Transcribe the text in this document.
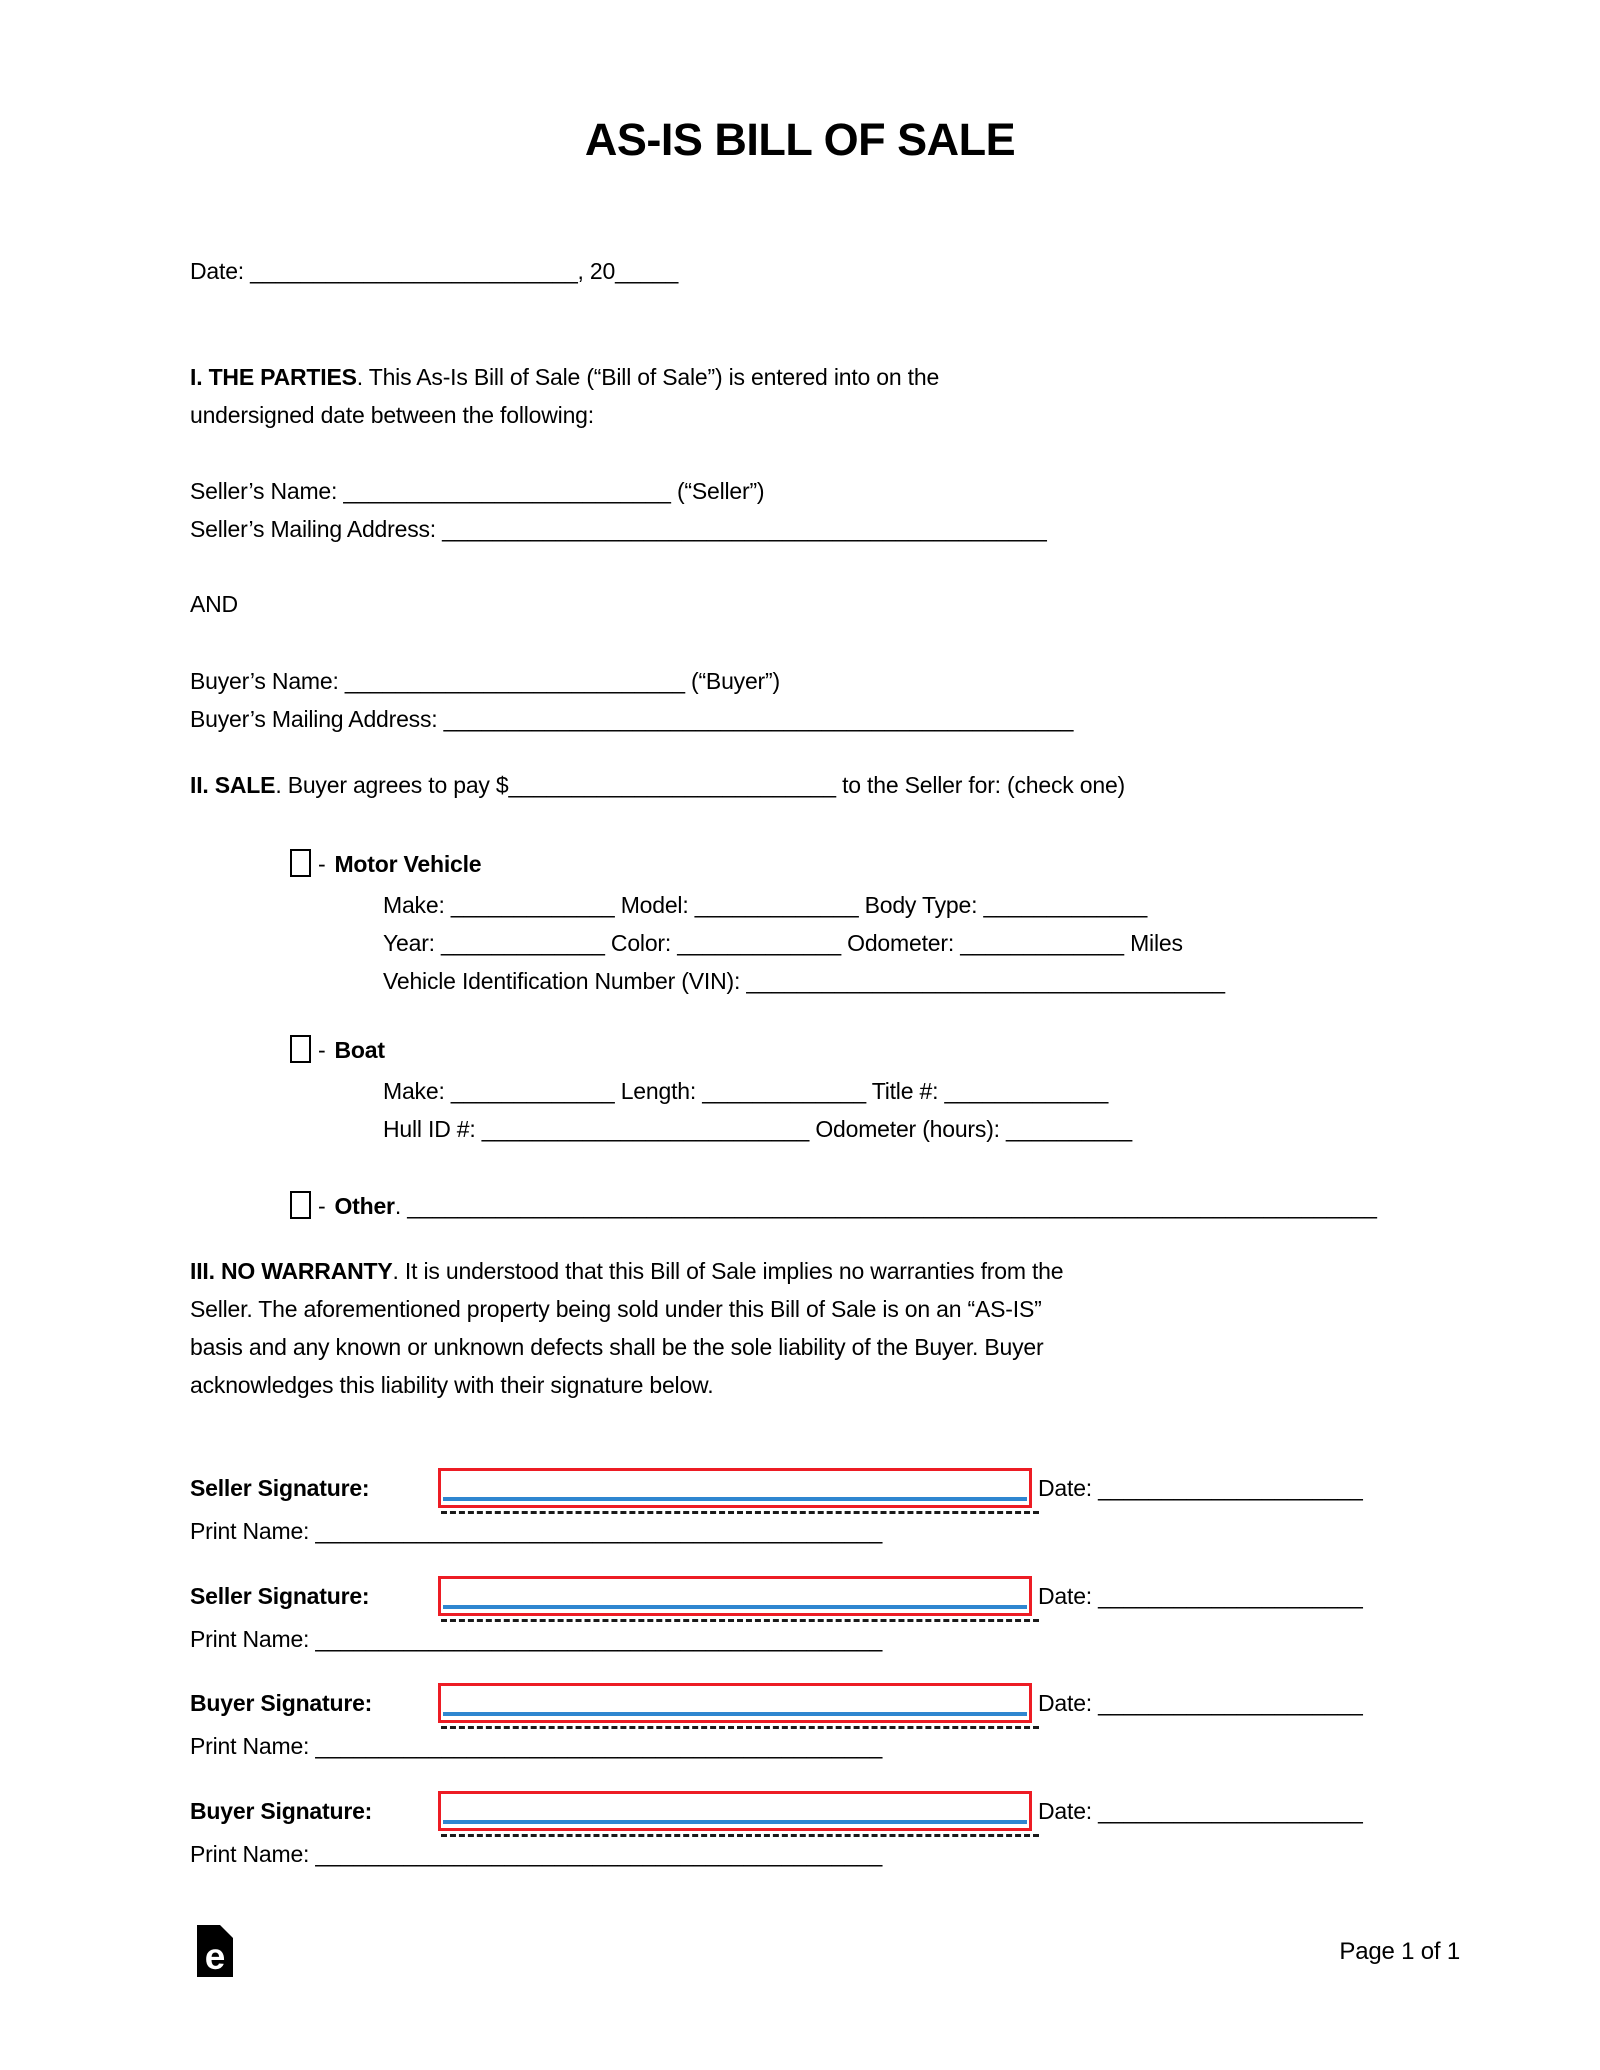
AS-IS BILL OF SALE
Date: __________________________, 20_____
I. THE PARTIES. This As-Is Bill of Sale (“Bill of Sale”) is entered into on the
undersigned date between the following:
Seller’s Name: __________________________ (“Seller”)
Seller’s Mailing Address: ________________________________________________
AND
Buyer’s Name: ___________________________ (“Buyer”)
Buyer’s Mailing Address: __________________________________________________
II. SALE. Buyer agrees to pay $__________________________ to the Seller for: (check one)
- Motor Vehicle
Make: _____________ Model: _____________ Body Type: _____________
Year: _____________ Color: _____________ Odometer: _____________ Miles
Vehicle Identification Number (VIN): ______________________________________
- Boat
Make: _____________ Length: _____________ Title #: _____________
Hull ID #: __________________________ Odometer (hours): __________
- Other. _____________________________________________________________________________
III. NO WARRANTY. It is understood that this Bill of Sale implies no warranties from the
Seller. The aforementioned property being sold under this Bill of Sale is on an “AS-IS”
basis and any known or unknown defects shall be the sole liability of the Buyer. Buyer
acknowledges this liability with their signature below.
Seller Signature:	Date: _____________________
Print Name: _____________________________________________
Seller Signature:	Date: _____________________
Print Name: _____________________________________________
Buyer Signature:	Date: _____________________
Print Name: _____________________________________________
Buyer Signature:	Date: _____________________
Print Name: _____________________________________________
e	Page 1 of 1
